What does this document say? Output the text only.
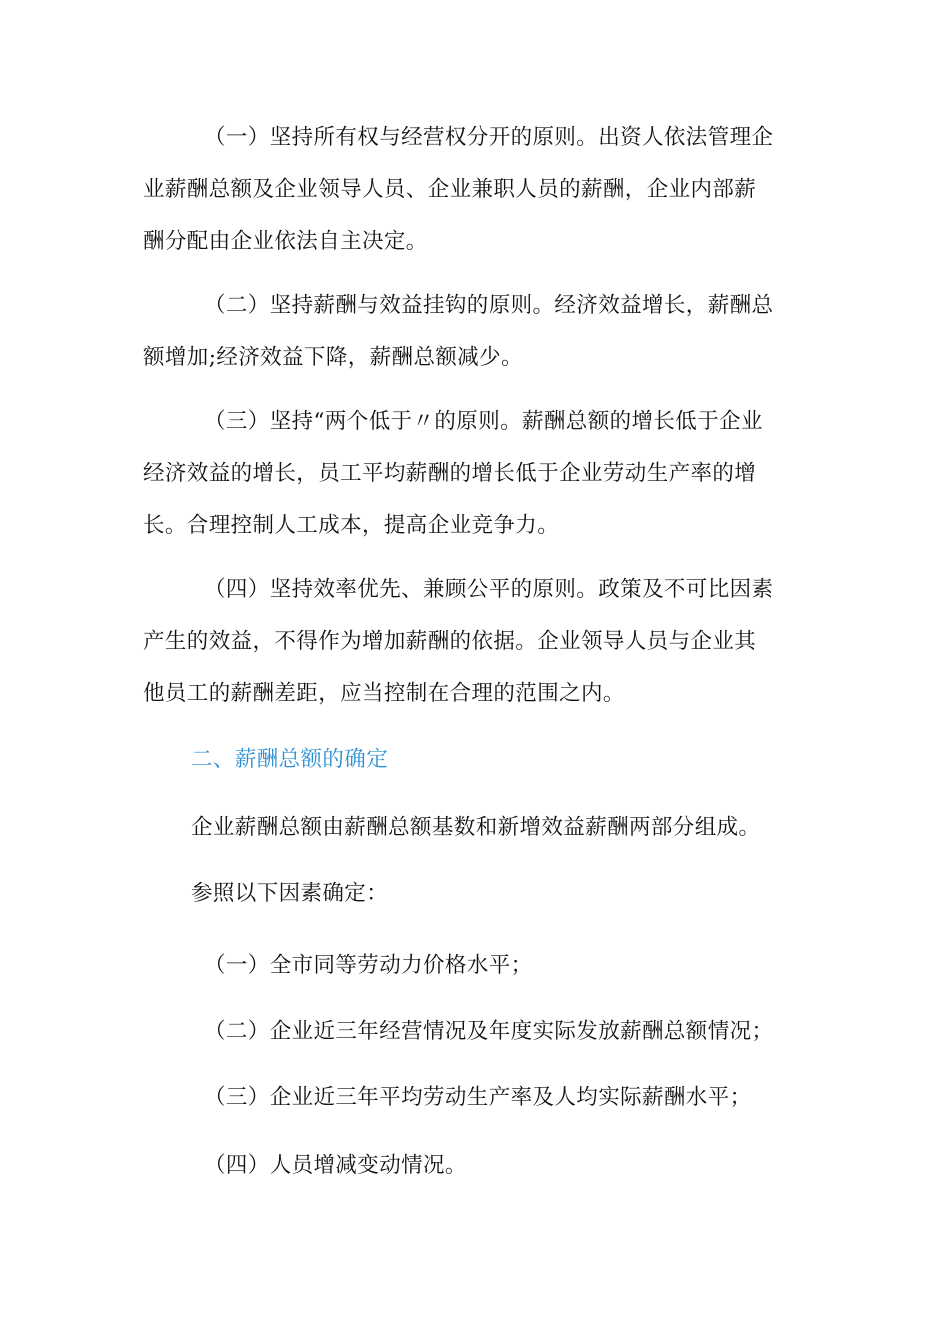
（一）坚持所有权与经营权分开的原则。出资人依法管理企
业薪酬总额及企业领导人员、企业兼职人员的薪酬，企业内部薪
酬分配由企业依法自主决定。
（二）坚持薪酬与效益挂钩的原则。经济效益增长，薪酬总
额增加;经济效益下降，薪酬总额减少。
（三）坚持“两个低于〃的原则。薪酬总额的增长低于企业
经济效益的增长，员工平均薪酬的增长低于企业劳动生产率的增
长。合理控制人工成本，提高企业竞争力。
（四）坚持效率优先、兼顾公平的原则。政策及不可比因素
产生的效益，不得作为增加薪酬的依据。企业领导人员与企业其
他员工的薪酬差距，应当控制在合理的范围之内。

二、薪酬总额的确定

企业薪酬总额由薪酬总额基数和新增效益薪酬两部分组成。

参照以下因素确定：

（一）全市同等劳动力价格水平；

（二）企业近三年经营情况及年度实际发放薪酬总额情况；

（三）企业近三年平均劳动生产率及人均实际薪酬水平；

（四）人员增减变动情况。
